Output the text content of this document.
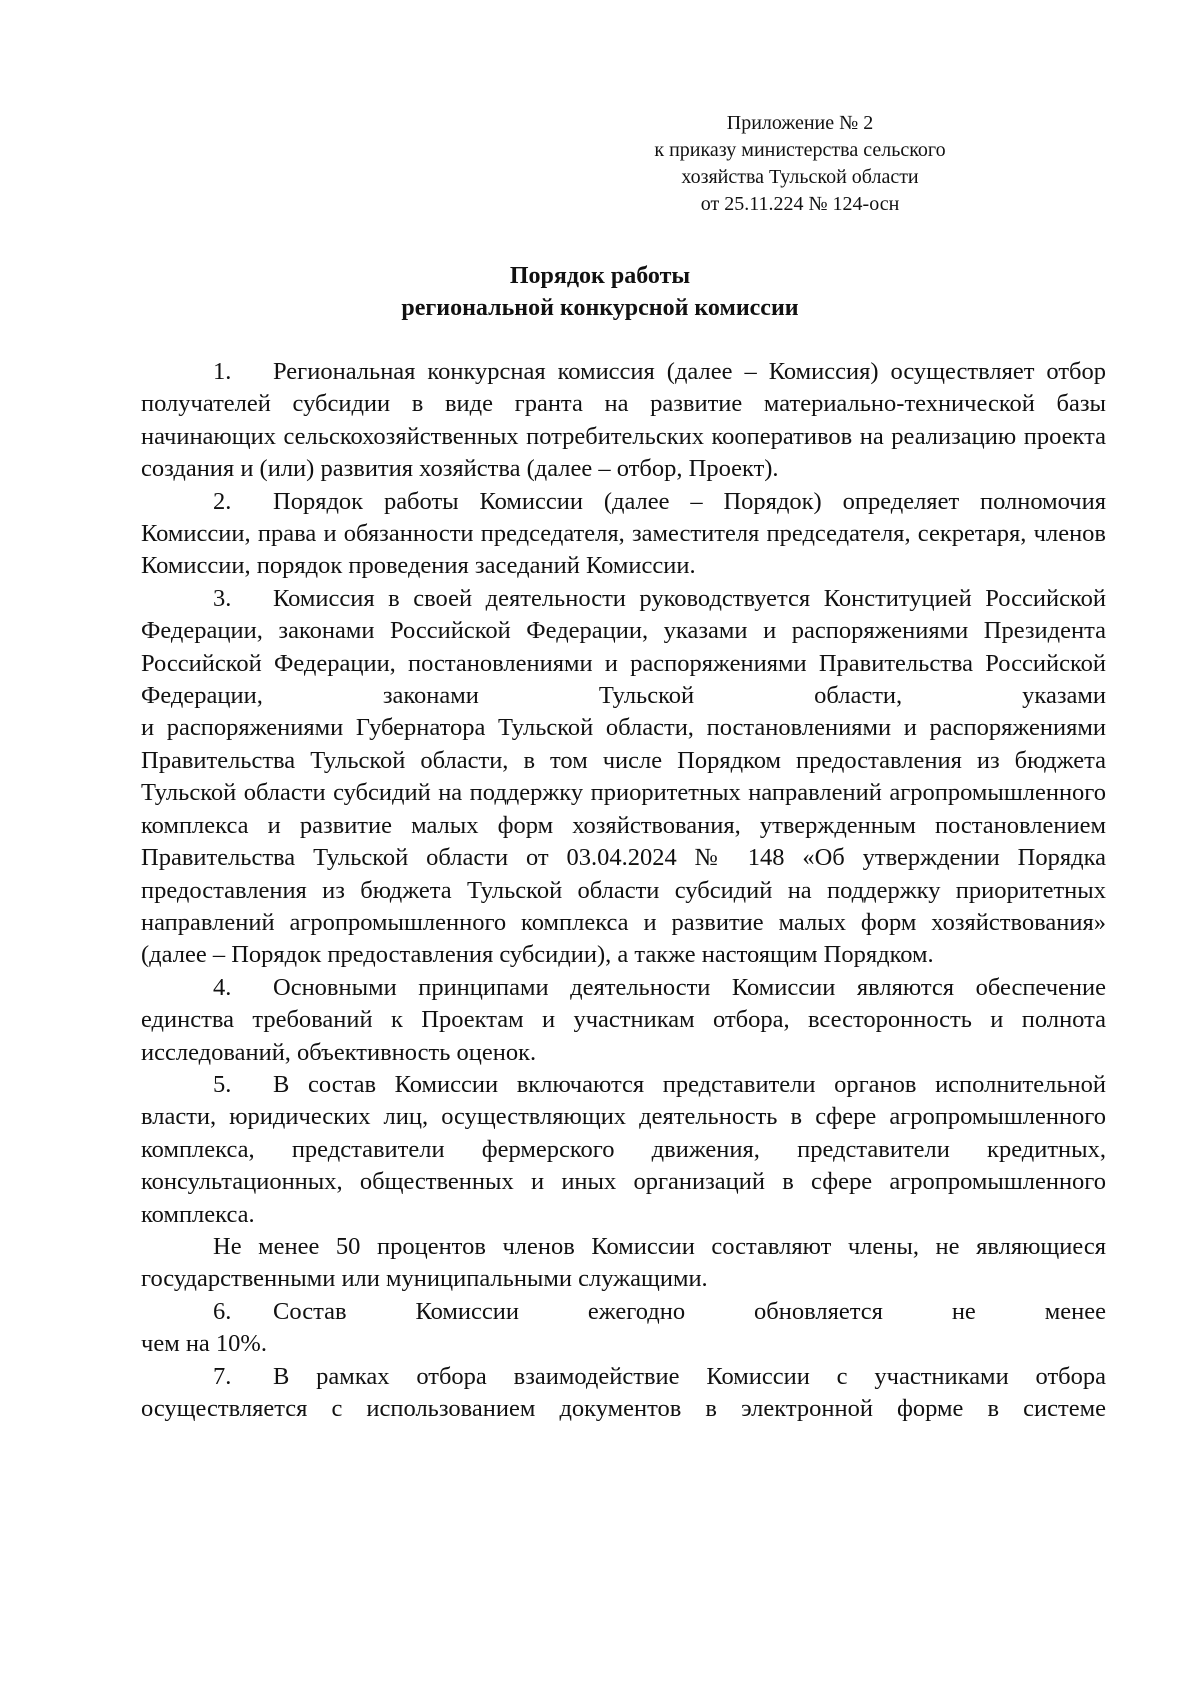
Приложение № 2
к приказу министерства сельского
хозяйства Тульской области
от 25.11.224 № 124-осн
Порядок работы
региональной конкурсной комиссии

1. Региональная конкурсная комиссия (далее – Комиссия) осуществляет отбор получателей субсидии в виде гранта на развитие материально-технической базы начинающих сельскохозяйственных потребительских кооперативов на реализацию проекта создания и (или) развития хозяйства (далее – отбор, Проект).

2. Порядок работы Комиссии (далее – Порядок) определяет полномочия Комиссии, права и обязанности председателя, заместителя председателя, секретаря, членов Комиссии, порядок проведения заседаний Комиссии.

3. Комиссия в своей деятельности руководствуется Конституцией Российской Федерации, законами Российской Федерации, указами и распоряжениями Президента Российской Федерации, постановлениями и распоряжениями Правительства Российской Федерации, законами Тульской области,	указами

и распоряжениями Губернатора Тульской области, постановлениями и распоряжениями Правительства Тульской области, в том числе Порядком предоставления из бюджета Тульской области субсидий на поддержку приоритетных направлений агропромышленного комплекса и развитие малых форм хозяйствования, утвержденным постановлением Правительства Тульской области от 03.04.2024 № 148 «Об утверждении Порядка предоставления из бюджета Тульской области субсидий на поддержку приоритетных направлений агропромышленного комплекса и развитие малых форм хозяйствования» (далее – Порядок предоставления субсидии), а также настоящим Порядком.

4. Основными принципами деятельности Комиссии являются обеспечение единства требований к Проектам и участникам отбора, всесторонность и полнота исследований, объективность оценок.

5. В состав Комиссии включаются представители органов исполнительной власти, юридических лиц, осуществляющих деятельность в сфере агропромышленного комплекса, представители фермерского движения, представители кредитных, консультационных, общественных и иных организаций в сфере агропромышленного комплекса.

Не менее 50 процентов членов Комиссии составляют члены, не являющиеся государственными или муниципальными служащими.

6. Состав Комиссии ежегодно обновляется не менее

чем на 10%.

7. В рамках отбора взаимодействие Комиссии с участниками отбора осуществляется с использованием документов в электронной форме в системе
